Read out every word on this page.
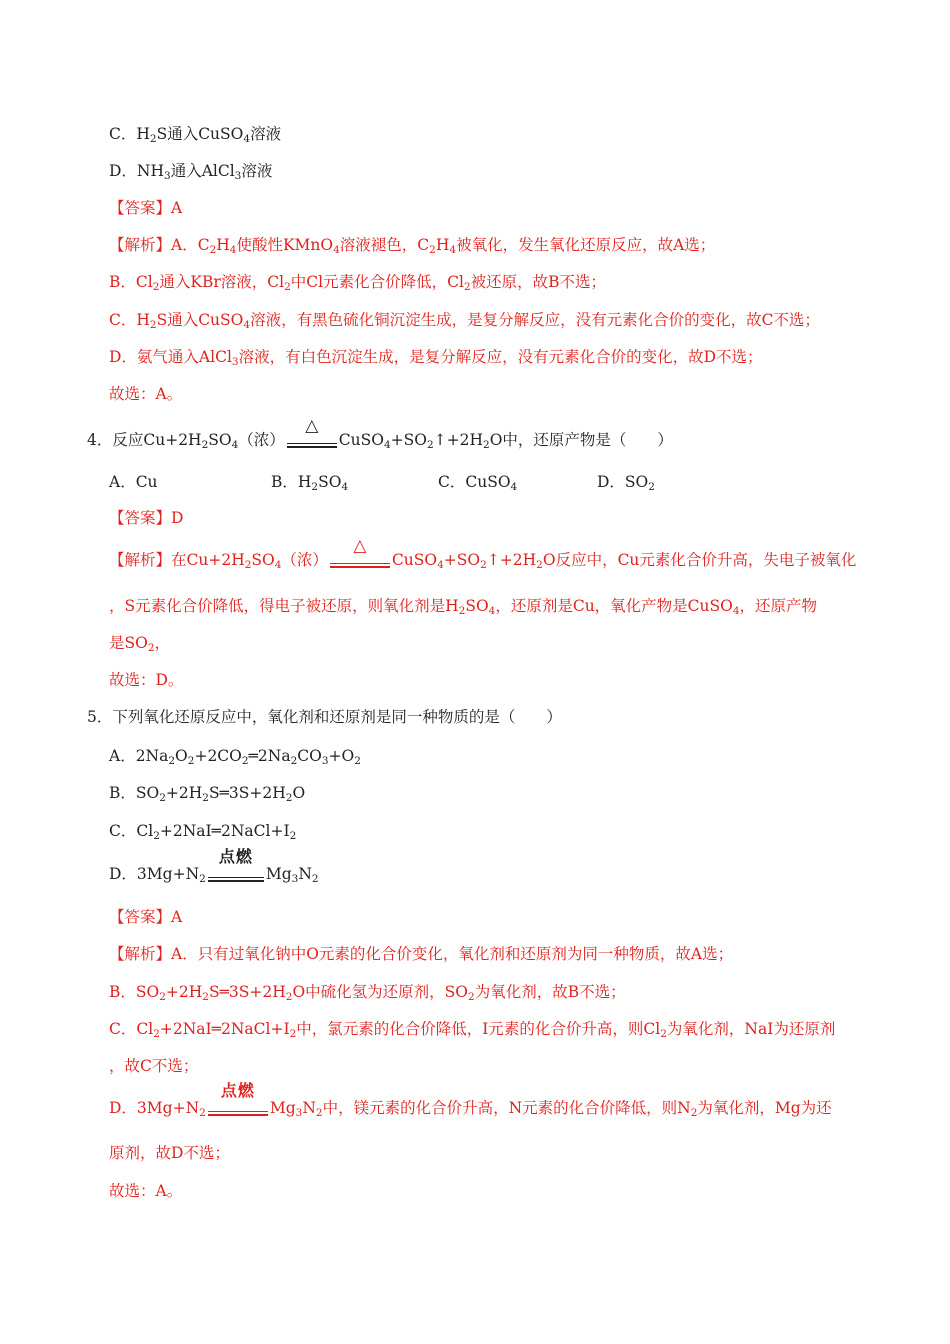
C．$H_2S$通入CuSO$_4$溶液
D．$NH_3$通入AlCl$_3$溶液
【答案】A
【解析】A．$C_2H_4$使酸性KMnO$_4$溶液褪色，$C_2H_4$被氧化，发生氧化还原反应，故A选；
B．$Cl_2$通入KBr溶液，$Cl_2$中Cl元素化合价降低，$Cl_2$被还原，故B不选；
C．$H_2S$通入CuSO$_4$溶液，有黑色硫化铜沉淀生成，是复分解反应，没有元素化合价的变化，故C不选；
D．氨气通入AlCl$_3$溶液，有白色沉淀生成，是复分解反应，没有元素化合价的变化，故D不选；
故选：A。
4．反应$Cu+2H_2SO_4$（浓）
△
$CuSO_4+SO_2↑+2H_2O$中，还原产物是（　　）
A．Cu	B．$H_2SO_4$	C．CuSO$_4$	D．$SO_2$
【答案】D
【解析】在$Cu+2H_2SO_4$（浓）
△
$CuSO_4+SO_2↑+2H_2O$反应中，Cu元素化合价升高，失电子被氧化
，S元素化合价降低，得电子被还原，则氧化剂是$H_2SO_4$，还原剂是Cu，氧化产物是CuSO$_4$，还原产物
是$SO_2$，
故选：D。
5．下列氧化还原反应中，氧化剂和还原剂是同一种物质的是（　　）
A．$2Na_2O_2+2CO_2═2Na_2CO_3+O_2$
B．$SO_2+2H_2S═3S+2H_2O$
C．$Cl_2+2NaI═2NaCl+I_2$
D．$3Mg+N_2$
点燃
$Mg_3N_2$
【答案】A
【解析】A．只有过氧化钠中O元素的化合价变化，氧化剂和还原剂为同一种物质，故A选；
B．$SO_2+2H_2S═3S+2H_2O$中硫化氢为还原剂，$SO_2$为氧化剂，故B不选；
C．$Cl_2+2NaI═2NaCl+I_2$中，氯元素的化合价降低，I元素的化合价升高，则$Cl_2$为氧化剂，NaI为还原剂
，故C不选；
D．$3Mg+N_2$
点燃
$Mg_3N_2$中，镁元素的化合价升高，N元素的化合价降低，则$N_2$为氧化剂，Mg为还
原剂，故D不选；
故选：A。
